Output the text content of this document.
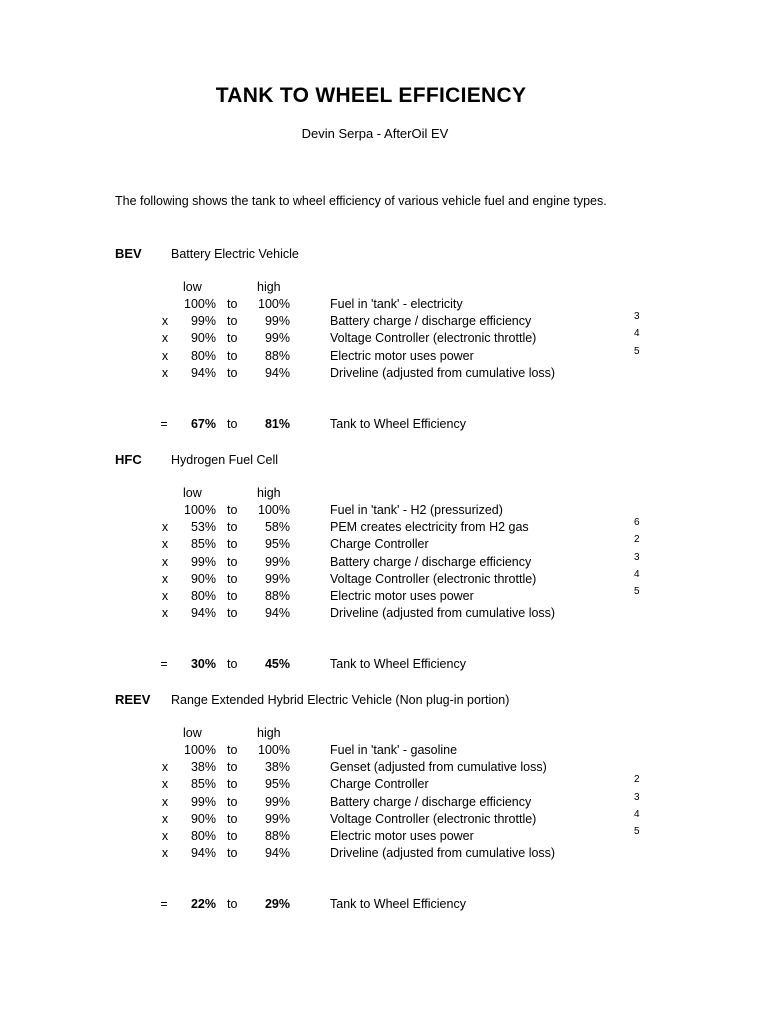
TANK TO WHEEL EFFICIENCY
Devin Serpa - AfterOil EV
The following shows the tank to wheel efficiency of various vehicle fuel and engine types.
BEV Battery Electric Vehicle
low	high
100% to	100%	Fuel in 'tank' - electricity
x	99% to	99%	Battery charge / discharge efficiency	3
x	90% to	99%	Voltage Controller (electronic throttle)	4
x	80% to	88%	Electric motor uses power	5
x	94% to	94%	Driveline (adjusted from cumulative loss)
=	67% to	81%	Tank to Wheel Efficiency
HFC Hydrogen Fuel Cell
low	high
100% to	100%	Fuel in 'tank' - H2 (pressurized)
x	53% to	58%	PEM creates electricity from H2 gas	6
x	85% to	95%	Charge Controller	2
x	99% to	99%	Battery charge / discharge efficiency	3
x	90% to	99%	Voltage Controller (electronic throttle)	4
x	80% to	88%	Electric motor uses power	5
x	94% to	94%	Driveline (adjusted from cumulative loss)
=	30% to	45%	Tank to Wheel Efficiency
REEV Range Extended Hybrid Electric Vehicle (Non plug-in portion)
low	high
100% to	100%	Fuel in 'tank' - gasoline
x	38% to	38%	Genset (adjusted from cumulative loss)
x	85% to	95%	Charge Controller	2
x	99% to	99%	Battery charge / discharge efficiency	3
x	90% to	99%	Voltage Controller (electronic throttle)	4
x	80% to	88%	Electric motor uses power	5
x	94% to	94%	Driveline (adjusted from cumulative loss)
=	22% to	29%	Tank to Wheel Efficiency
